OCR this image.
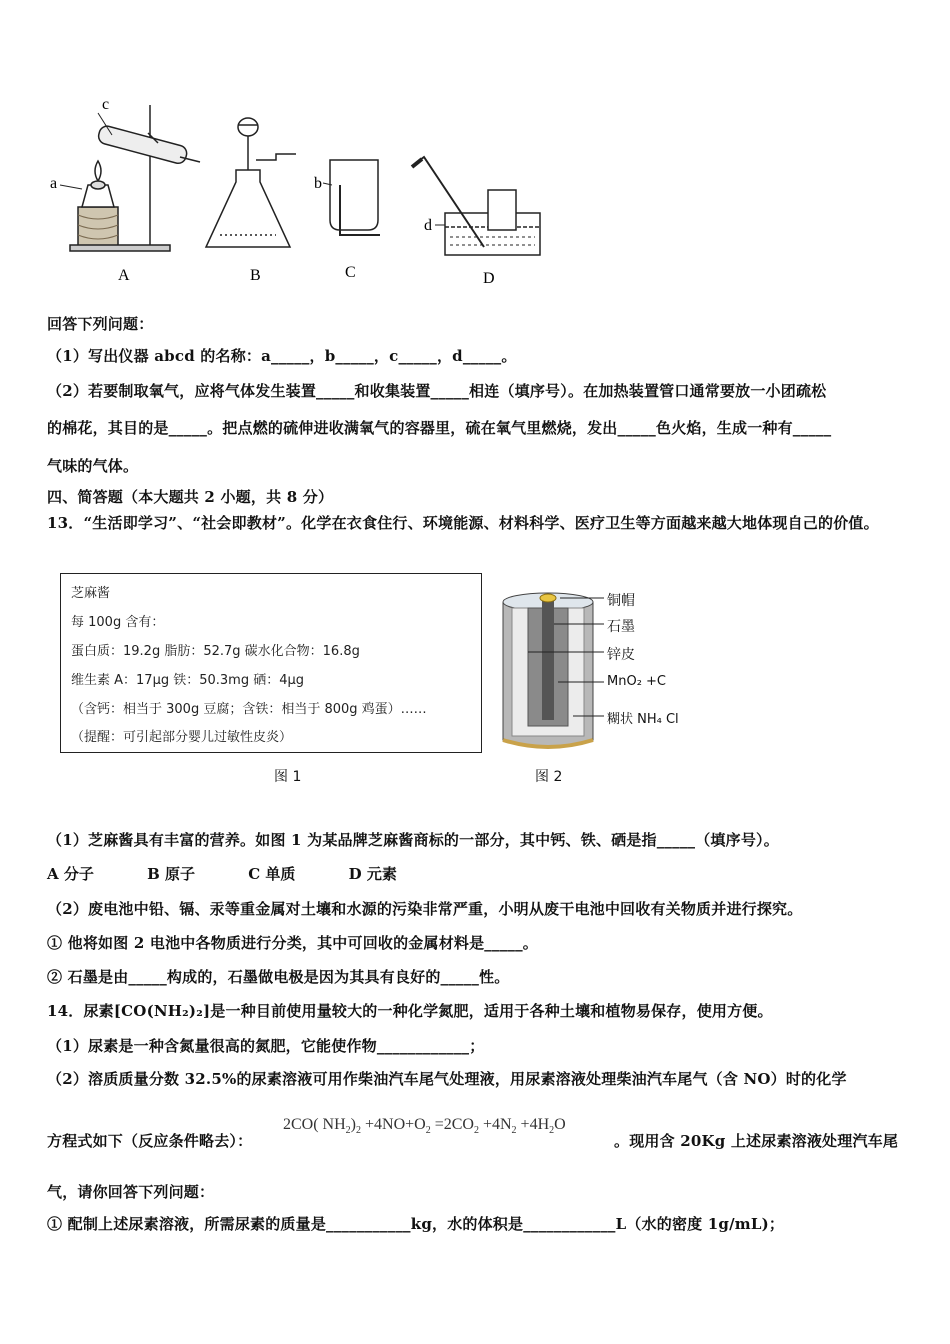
c
a
A	B
b
C
d
D
回答下列问题：
（1）写出仪器 abcd 的名称：a_____，b_____，c_____，d_____。
（2）若要制取氧气，应将气体发生装置_____和收集装置_____相连（填序号）。在加热装置管口通常要放一小团疏松
的棉花，其目的是_____。把点燃的硫伸进收满氧气的容器里，硫在氧气里燃烧，发出_____色火焰，生成一种有_____
气味的气体。
四、简答题（本大题共 2 小题，共 8 分）
13．“生活即学习”、“社会即教材”。化学在衣食住行、环境能源、材料科学、医疗卫生等方面越来越大地体现自己的价值。
芝麻酱
每 100g 含有：
蛋白质：19.2g 脂肪：52.7g 碳水化合物：16.8g
维生素 A：17μg 铁：50.3mg 硒：4μg
（含钙：相当于 300g 豆腐；含铁：相当于 800g 鸡蛋）……
（提醒：可引起部分婴儿过敏性皮炎）
铜帽
石墨
锌皮
MnO₂ +C
糊状 NH₄ Cl
图 1	图 2
（1）芝麻酱具有丰富的营养。如图 1 为某品牌芝麻酱商标的一部分，其中钙、铁、硒是指_____（填序号）。
A 分子	B 原子	C 单质	D 元素
（2）废电池中铅、镉、汞等重金属对土壤和水源的污染非常严重，小明从废干电池中回收有关物质并进行探究。
① 他将如图 2 电池中各物质进行分类，其中可回收的金属材料是_____。
② 石墨是由_____构成的，石墨做电极是因为其具有良好的_____性。
14．尿素[CO(NH₂)₂]是一种目前使用量较大的一种化学氮肥，适用于各种土壤和植物易保存，使用方便。
（1）尿素是一种含氮量很高的氮肥，它能使作物____________；
（2）溶质质量分数 32.5%的尿素溶液可用作柴油汽车尾气处理液，用尿素溶液处理柴油汽车尾气（含 NO）时的化学
方程式如下（反应条件略去）：
2CO( $NH_2)_2 +4NO+O_2 =2CO_2 +4N_2 +4H_2O$
。现用含 20Kg 上述尿素溶液处理汽车尾
气，请你回答下列问题：
① 配制上述尿素溶液，所需尿素的质量是___________kg，水的体积是____________L（水的密度 1g/mL)；
